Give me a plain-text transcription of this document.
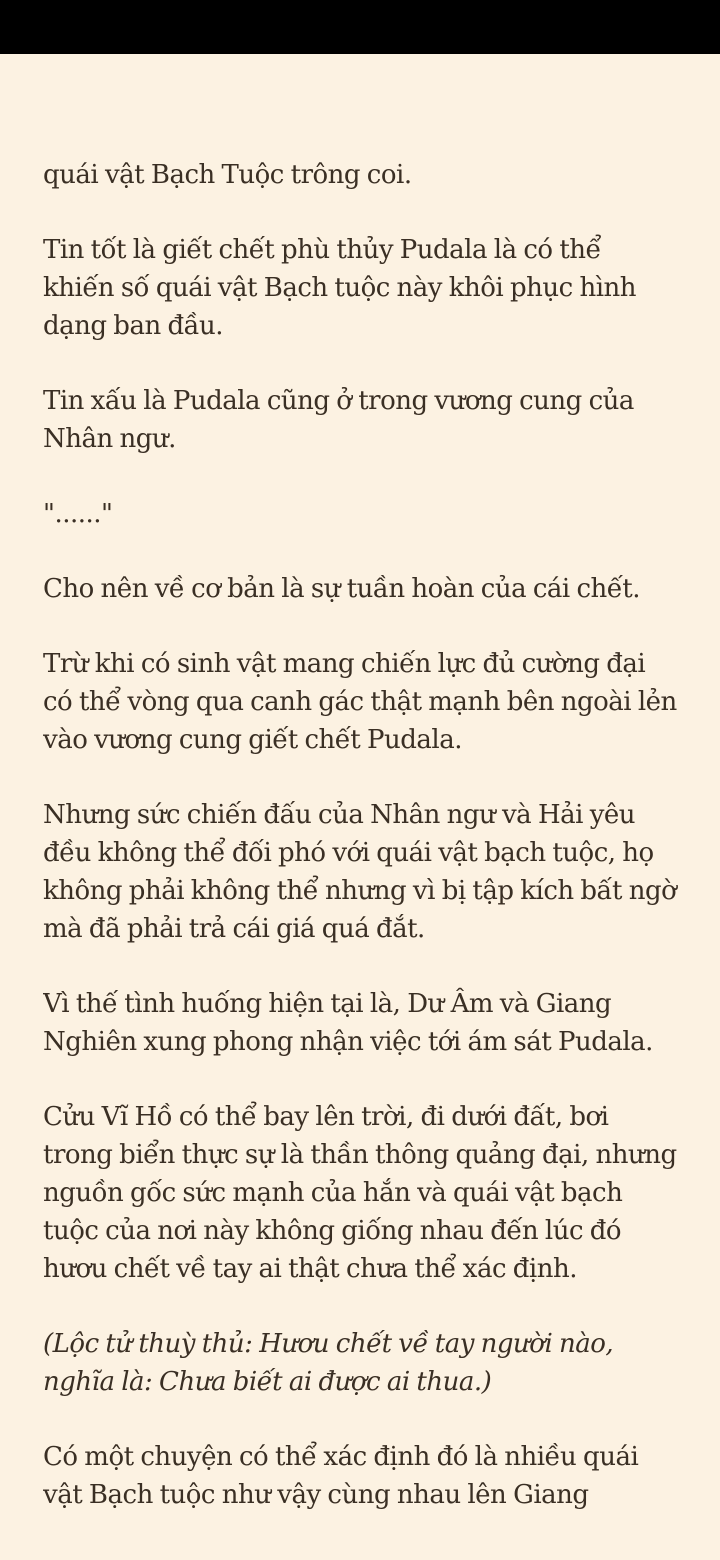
quái vật Bạch Tuộc trông coi.

Tin tốt là giết chết phù thủy Pudala là có thể khiến số quái vật Bạch tuộc này khôi phục hình dạng ban đầu.

Tin xấu là Pudala cũng ở trong vương cung của Nhân ngư.

"......"

Cho nên về cơ bản là sự tuần hoàn của cái chết.

Trừ khi có sinh vật mang chiến lực đủ cường đại có thể vòng qua canh gác thật mạnh bên ngoài lẻn vào vương cung giết chết Pudala.

Nhưng sức chiến đấu của Nhân ngư và Hải yêu đều không thể đối phó với quái vật bạch tuộc, họ không phải không thể nhưng vì bị tập kích bất ngờ mà đã phải trả cái giá quá đắt.

Vì thế tình huống hiện tại là, Dư Âm và Giang Nghiên xung phong nhận việc tới ám sát Pudala.

Cửu Vĩ Hồ có thể bay lên trời, đi dưới đất, bơi trong biển thực sự là thần thông quảng đại, nhưng nguồn gốc sức mạnh của hắn và quái vật bạch tuộc của nơi này không giống nhau đến lúc đó hươu chết về tay ai thật chưa thể xác định.

(Lộc tử thuỳ thủ: Hươu chết về tay người nào, nghĩa là: Chưa biết ai được ai thua.)

Có một chuyện có thể xác định đó là nhiều quái vật Bạch tuộc như vậy cùng nhau lên Giang
